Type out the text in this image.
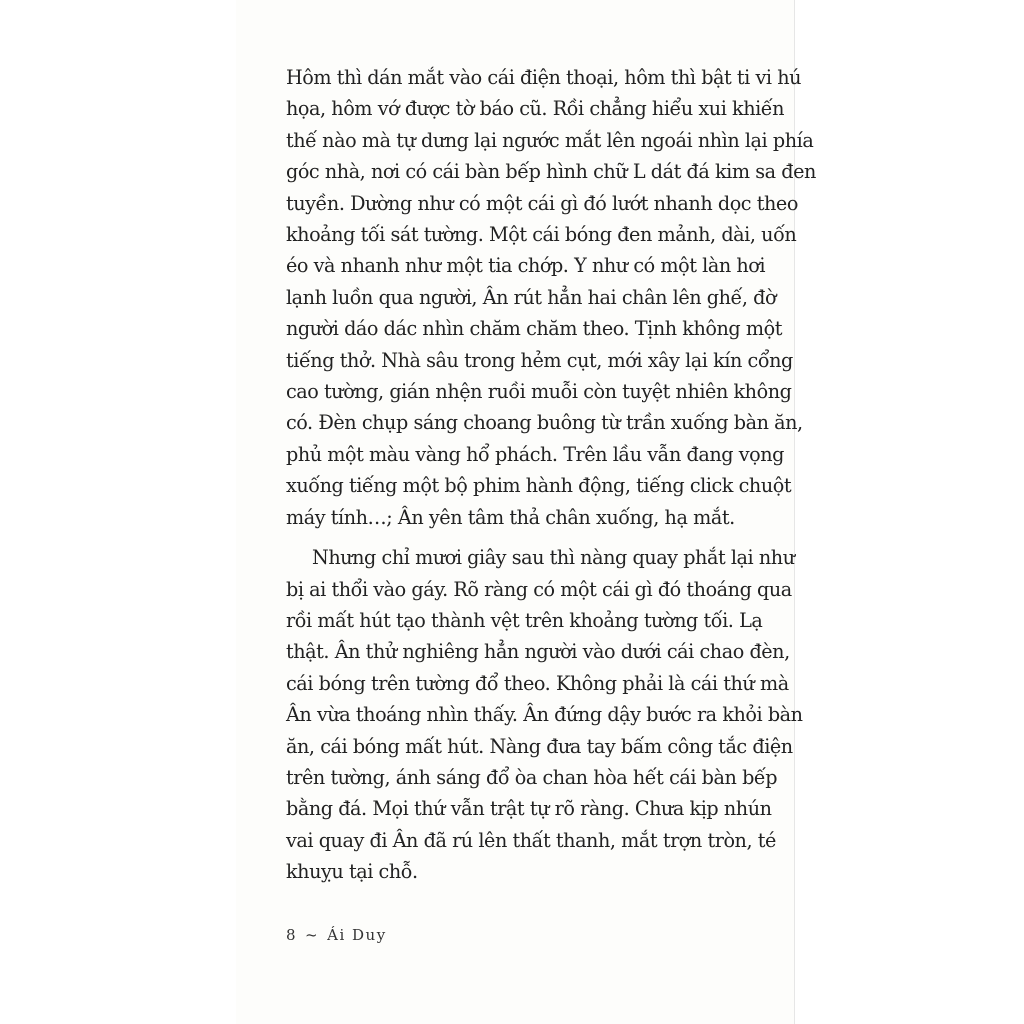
Hôm thì dán mắt vào cái điện thoại, hôm thì bật ti vi hú
họa, hôm vớ được tờ báo cũ. Rồi chẳng hiểu xui khiến
thế nào mà tự dưng lại ngước mắt lên ngoái nhìn lại phía
góc nhà, nơi có cái bàn bếp hình chữ L dát đá kim sa đen
tuyền. Dường như có một cái gì đó lướt nhanh dọc theo
khoảng tối sát tường. Một cái bóng đen mảnh, dài, uốn
éo và nhanh như một tia chớp. Y như có một làn hơi
lạnh luồn qua người, Ân rút hẳn hai chân lên ghế, đờ
người dáo dác nhìn chăm chăm theo. Tịnh không một
tiếng thở. Nhà sâu trong hẻm cụt, mới xây lại kín cổng
cao tường, gián nhện ruồi muỗi còn tuyệt nhiên không
có. Đèn chụp sáng choang buông từ trần xuống bàn ăn,
phủ một màu vàng hổ phách. Trên lầu vẫn đang vọng
xuống tiếng một bộ phim hành động, tiếng click chuột
máy tính…; Ân yên tâm thả chân xuống, hạ mắt.
Nhưng chỉ mươi giây sau thì nàng quay phắt lại như
bị ai thổi vào gáy. Rõ ràng có một cái gì đó thoáng qua
rồi mất hút tạo thành vệt trên khoảng tường tối. Lạ
thật. Ân thử nghiêng hẳn người vào dưới cái chao đèn,
cái bóng trên tường đổ theo. Không phải là cái thứ mà
Ân vừa thoáng nhìn thấy. Ân đứng dậy bước ra khỏi bàn
ăn, cái bóng mất hút. Nàng đưa tay bấm công tắc điện
trên tường, ánh sáng đổ òa chan hòa hết cái bàn bếp
bằng đá. Mọi thứ vẫn trật tự rõ ràng. Chưa kịp nhún
vai quay đi Ân đã rú lên thất thanh, mắt trợn tròn, té
khuỵu tại chỗ.
8 ~ Ái Duy
